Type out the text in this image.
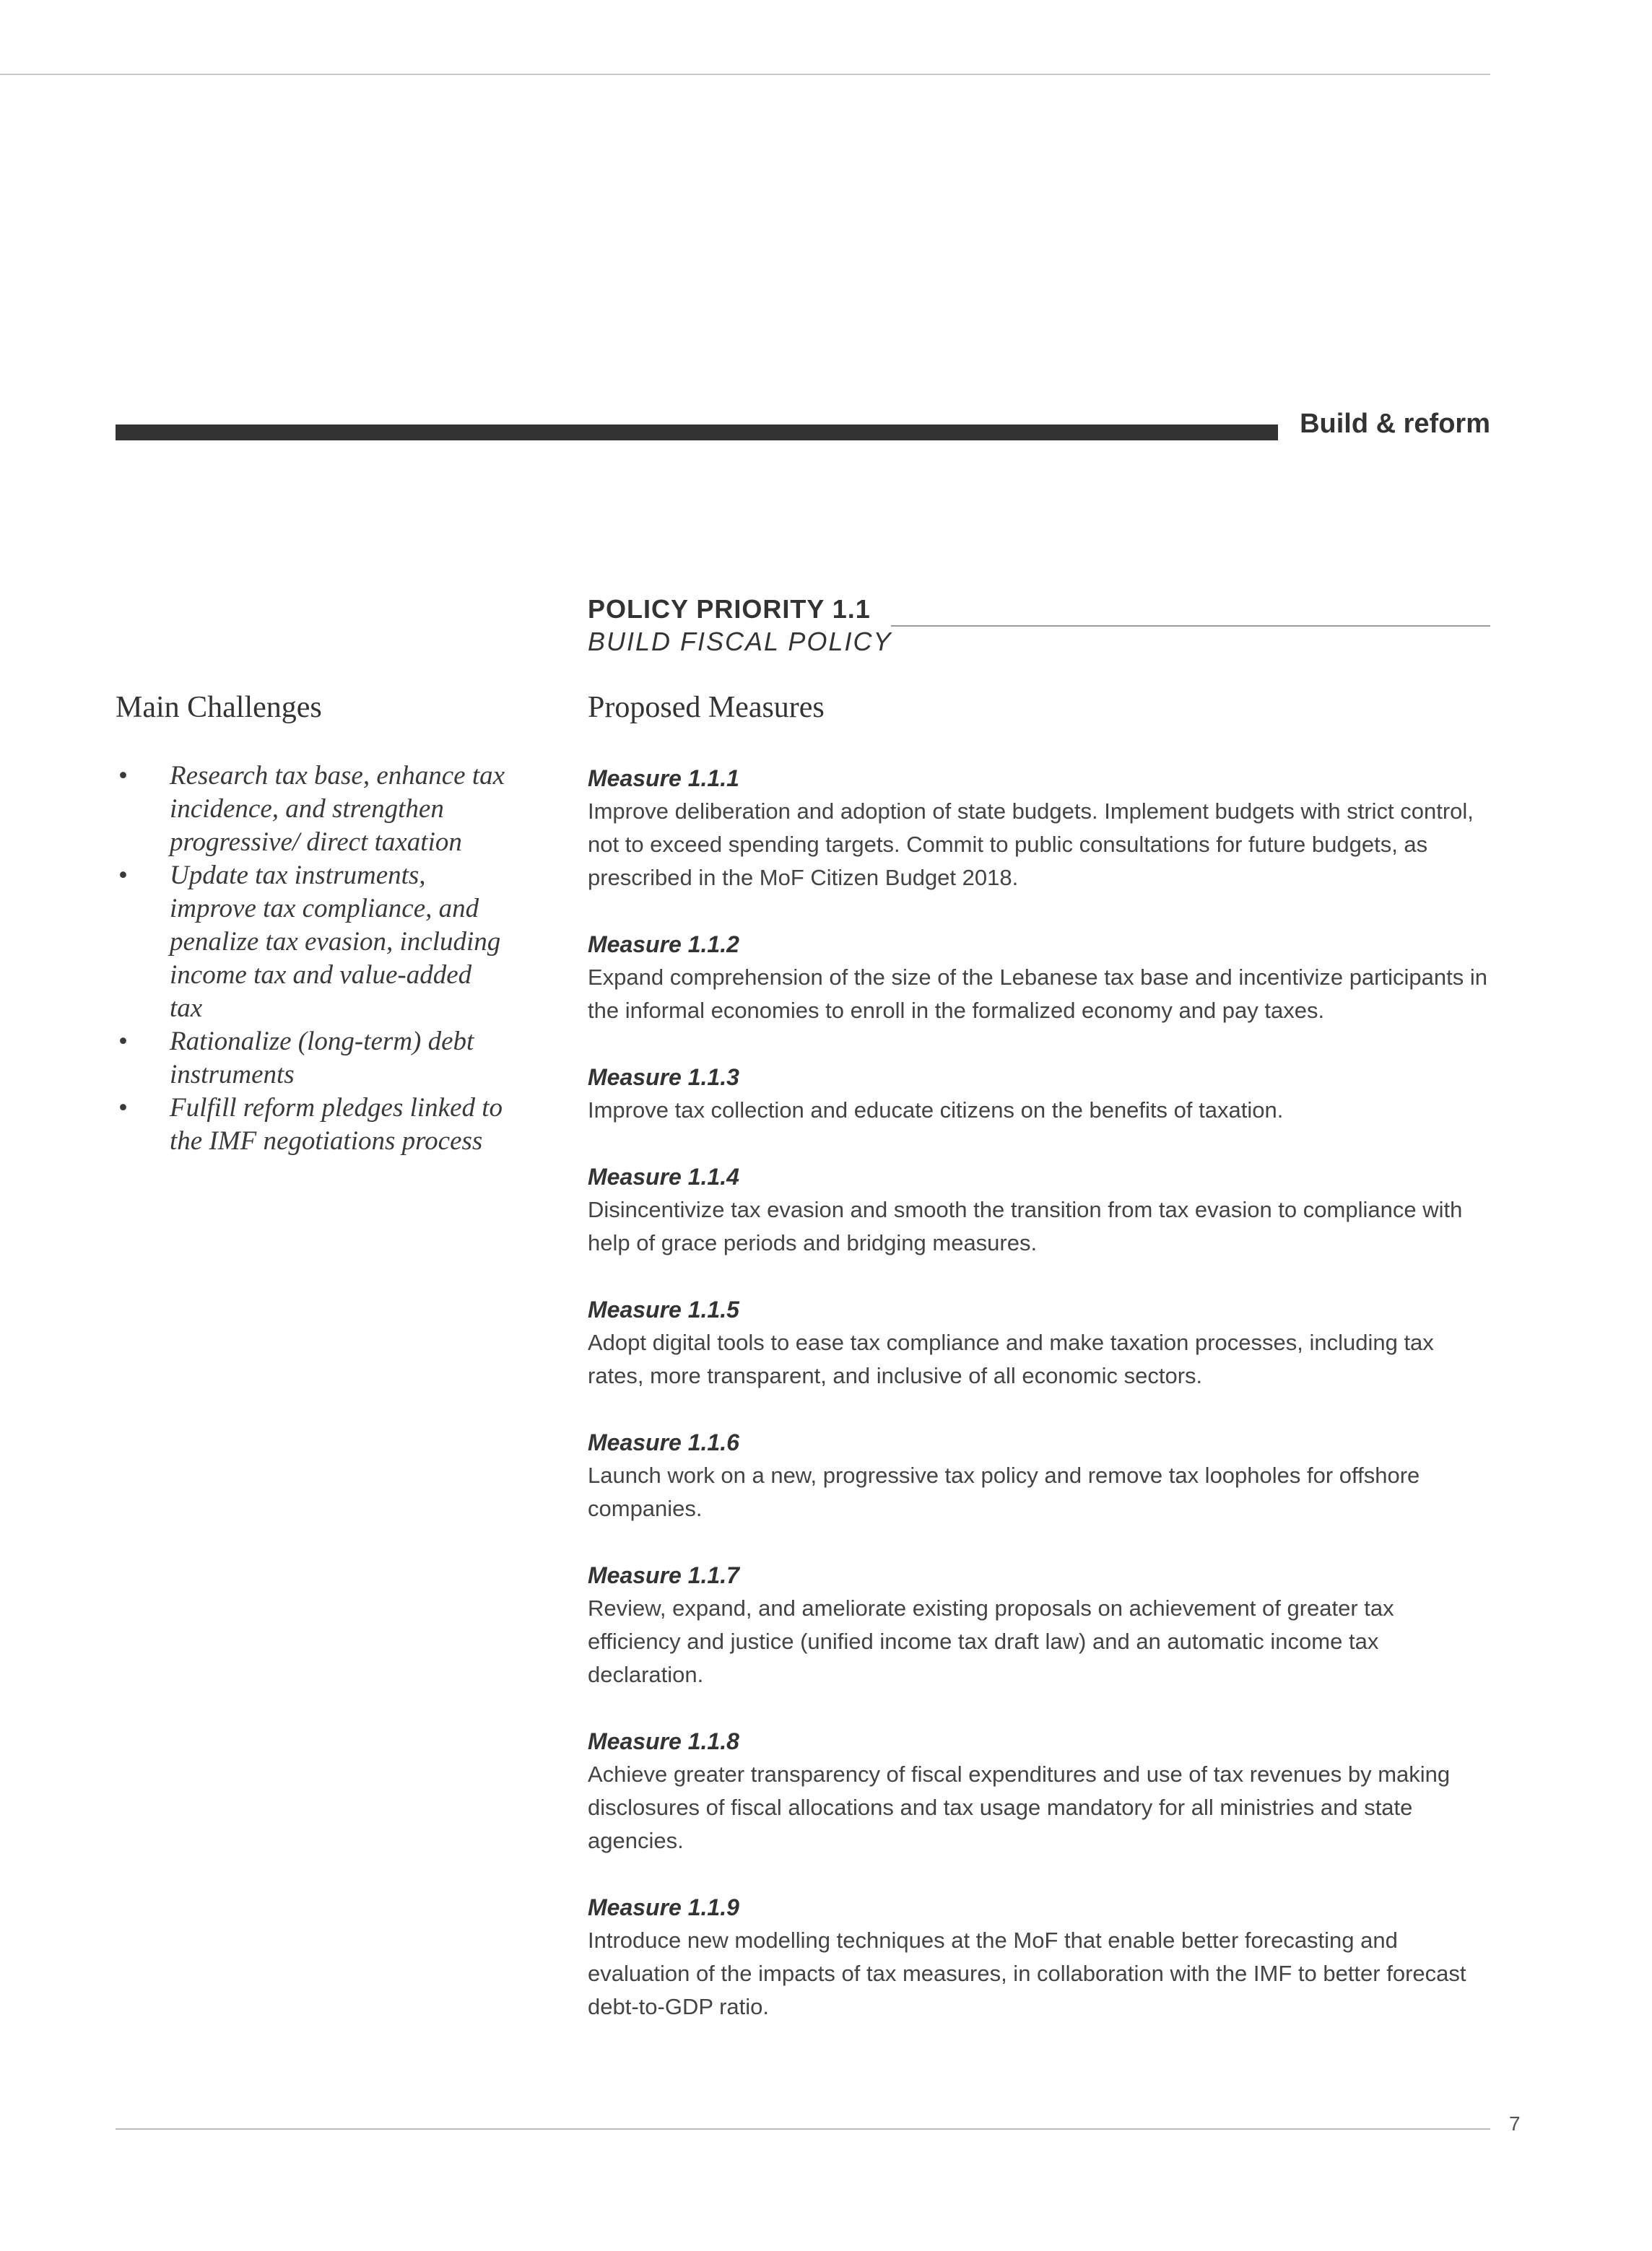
Build & reform
POLICY PRIORITY 1.1
BUILD FISCAL POLICY
Main Challenges	Proposed Measures
• Research tax base, enhance tax incidence, and strengthen progressive/ direct taxation
• Update tax instruments, improve tax compliance, and penalize tax evasion, including income tax and value-added tax
• Rationalize (long-term) debt instruments
• Fulfill reform pledges linked to the IMF negotiations process
Measure 1.1.1
Improve deliberation and adoption of state budgets. Implement budgets with strict control, not to exceed spending targets. Commit to public consultations for future budgets, as prescribed in the MoF Citizen Budget 2018.
Measure 1.1.2
Expand comprehension of the size of the Lebanese tax base and incentivize participants in the informal economies to enroll in the formalized economy and pay taxes.
Measure 1.1.3
Improve tax collection and educate citizens on the benefits of taxation.
Measure 1.1.4
Disincentivize tax evasion and smooth the transition from tax evasion to compliance with help of grace periods and bridging measures.
Measure 1.1.5
Adopt digital tools to ease tax compliance and make taxation processes, including tax rates, more transparent, and inclusive of all economic sectors.
Measure 1.1.6
Launch work on a new, progressive tax policy and remove tax loopholes for offshore companies.
Measure 1.1.7
Review, expand, and ameliorate existing proposals on achievement of greater tax efficiency and justice (unified income tax draft law) and an automatic income tax declaration.
Measure 1.1.8
Achieve greater transparency of fiscal expenditures and use of tax revenues by making disclosures of fiscal allocations and tax usage mandatory for all ministries and state agencies.
Measure 1.1.9
Introduce new modelling techniques at the MoF that enable better forecasting and evaluation of the impacts of tax measures, in collaboration with the IMF to better forecast debt-to-GDP ratio.
7
